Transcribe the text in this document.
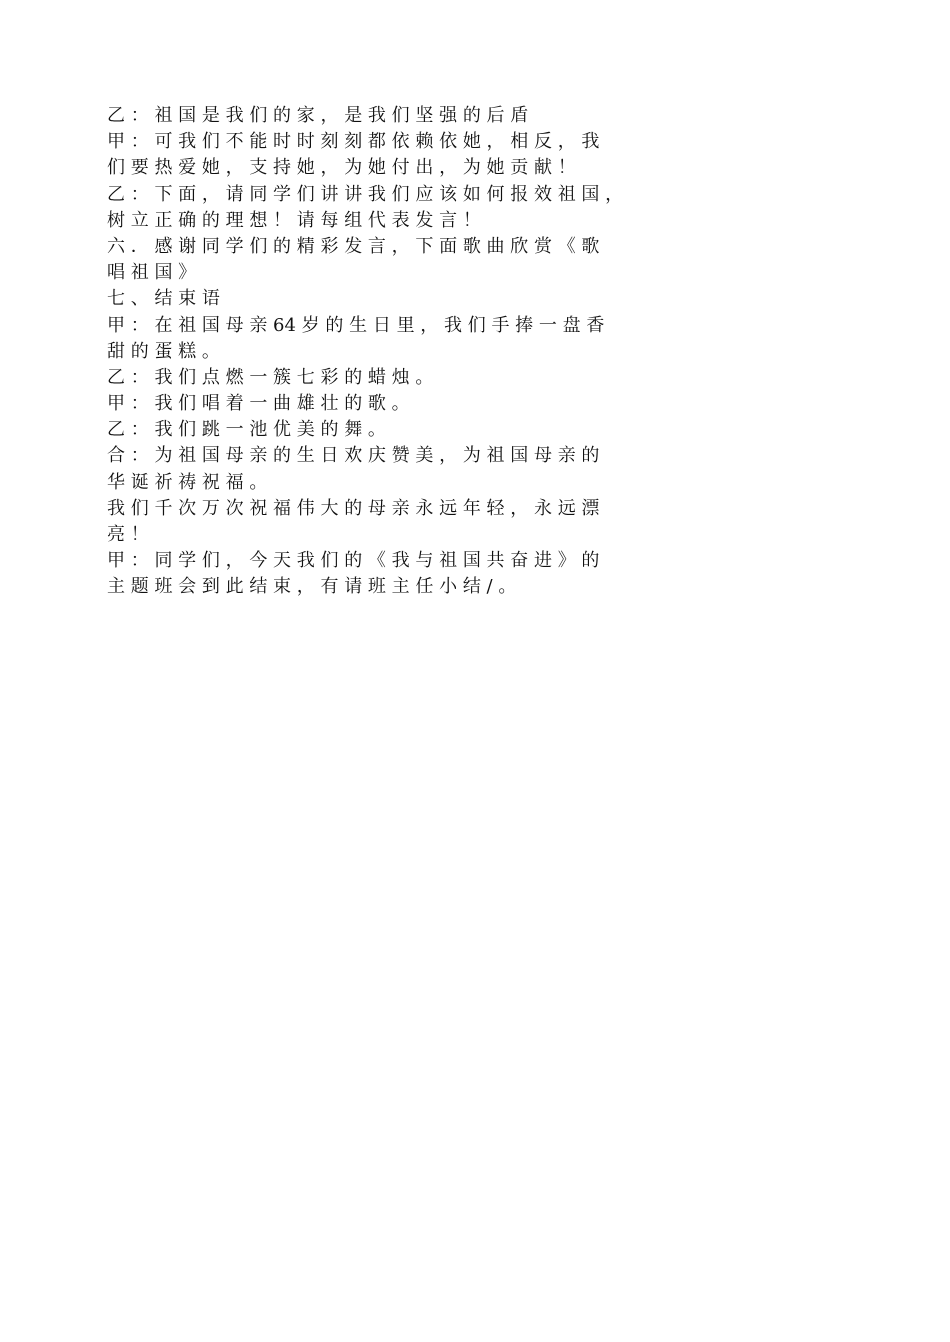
乙 ： 祖 国 是 我 们 的 家 ， 是 我 们 坚 强 的 后 盾
甲 ： 可 我 们 不 能 时 时 刻 刻 都 依 赖 依 她 ， 相 反 ， 我
们 要 热 爱 她 ， 支 持 她 ， 为 她 付 出 ， 为 她 贡 献 ！
乙 ： 下 面 ， 请 同 学 们 讲 讲 我 们 应 该 如 何 报 效 祖 国 ，
树 立 正 确 的 理 想 ！ 请 每 组 代 表 发 言 ！
六 ． 感 谢 同 学 们 的 精 彩 发 言 ， 下 面 歌 曲 欣 赏 《 歌
唱 祖 国 》
七 、 结 束 语
甲 ： 在 祖 国 母 亲 64 岁 的 生 日 里 ， 我 们 手 捧 一 盘 香
甜 的 蛋 糕 。
乙 ： 我 们 点 燃 一 簇 七 彩 的 蜡 烛 。
甲 ： 我 们 唱 着 一 曲 雄 壮 的 歌 。
乙 ： 我 们 跳 一 池 优 美 的 舞 。
合 ： 为 祖 国 母 亲 的 生 日 欢 庆 赞 美 ， 为 祖 国 母 亲 的
华 诞 祈 祷 祝 福 。
我 们 千 次 万 次 祝 福 伟 大 的 母 亲 永 远 年 轻 ， 永 远 漂
亮 ！
甲 ： 同 学 们 ， 今 天 我 们 的 《 我 与 祖 国 共 奋 进 》 的
主 题 班 会 到 此 结 束 ， 有 请 班 主 任 小 结 / 。
